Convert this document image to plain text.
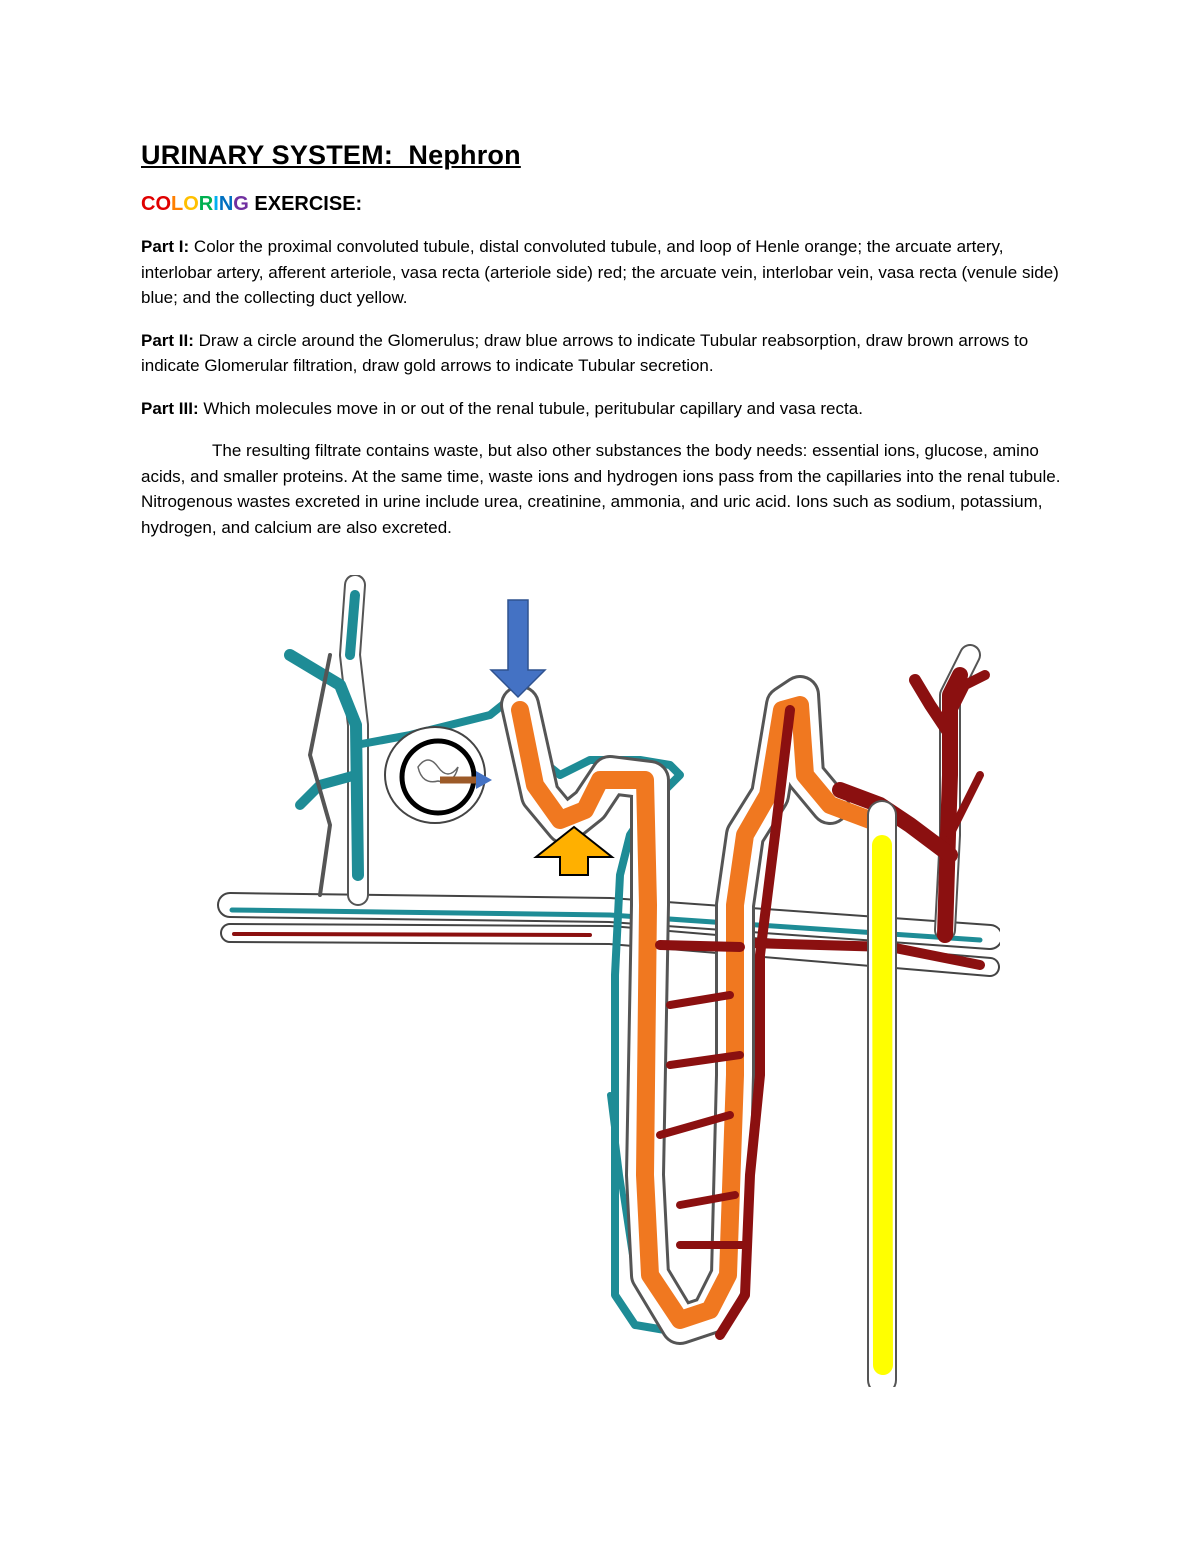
URINARY SYSTEM:  Nephron
COLORING EXERCISE:

Part I: Color the proximal convoluted tubule, distal convoluted tubule, and loop of Henle orange; the arcuate artery, interlobar artery, afferent arteriole, vasa recta (arteriole side) red; the arcuate vein, interlobar vein, vasa recta (venule side) blue; and the collecting duct yellow.

Part II: Draw a circle around the Glomerulus; draw blue arrows to indicate Tubular reabsorption, draw brown arrows to indicate Glomerular filtration, draw gold arrows to indicate Tubular secretion.

Part III: Which molecules move in or out of the renal tubule, peritubular capillary and vasa recta.

The resulting filtrate contains waste, but also other substances the body needs: essential ions, glucose, amino acids, and smaller proteins. At the same time, waste ions and hydrogen ions pass from the capillaries into the renal tubule. Nitrogenous wastes excreted in urine include urea, creatinine, ammonia, and uric acid. Ions such as sodium, potassium, hydrogen, and calcium are also excreted.
